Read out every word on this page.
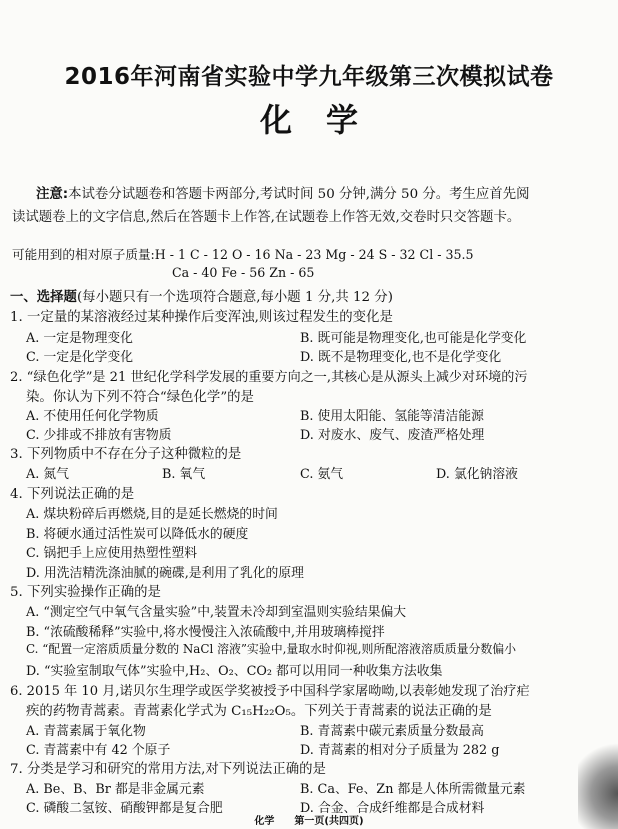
2016年河南省实验中学九年级第三次模拟试卷
化学
注意:本试卷分试题卷和答题卡两部分,考试时间 50 分钟,满分 50 分。考生应首先阅
读试题卷上的文字信息,然后在答题卡上作答,在试题卷上作答无效,交卷时只交答题卡。
可能用到的相对原子质量:H - 1 C - 12 O - 16 Na - 23 Mg - 24 S - 32 Cl - 35.5
Ca - 40 Fe - 56 Zn - 65
一、选择题(每小题只有一个选项符合题意,每小题 1 分,共 12 分)
1. 一定量的某溶液经过某种操作后变浑浊,则该过程发生的变化是
A. 一定是物理变化	B. 既可能是物理变化,也可能是化学变化
C. 一定是化学变化	D. 既不是物理变化,也不是化学变化
2. “绿色化学”是 21 世纪化学科学发展的重要方向之一,其核心是从源头上减少对环境的污
染。你认为下列不符合“绿色化学”的是
A. 不使用任何化学物质	B. 使用太阳能、氢能等清洁能源
C. 少排或不排放有害物质	D. 对废水、废气、废渣严格处理
3. 下列物质中不存在分子这种微粒的是
A. 氮气	B. 氧气	C. 氨气	D. 氯化钠溶液
4. 下列说法正确的是
A. 煤块粉碎后再燃烧,目的是延长燃烧的时间
B. 将硬水通过活性炭可以降低水的硬度
C. 锅把手上应使用热塑性塑料
D. 用洗洁精洗涤油腻的碗碟,是利用了乳化的原理
5. 下列实验操作正确的是
A. “测定空气中氧气含量实验”中,装置未冷却到室温则实验结果偏大
B. “浓硫酸稀释”实验中,将水慢慢注入浓硫酸中,并用玻璃棒搅拌
C. “配置一定溶质质量分数的 NaCl 溶液”实验中,量取水时仰视,则所配溶液溶质质量分数偏小
D. “实验室制取气体”实验中,H₂、O₂、CO₂ 都可以用同一种收集方法收集
6. 2015 年 10 月,诺贝尔生理学或医学奖被授予中国科学家屠呦呦,以表彰她发现了治疗疟
疾的药物青蒿素。青蒿素化学式为 C₁₅H₂₂O₅。下列关于青蒿素的说法正确的是
A. 青蒿素属于氧化物	B. 青蒿素中碳元素质量分数最高
C. 青蒿素中有 42 个原子	D. 青蒿素的相对分子质量为 282 g
7. 分类是学习和研究的常用方法,对下列说法正确的是
A. Be、B、Br 都是非金属元素	B. Ca、Fe、Zn 都是人体所需微量元素
C. 磷酸二氢铵、硝酸钾都是复合肥	D. 合金、合成纤维都是合成材料
化学 第一页(共四页)
